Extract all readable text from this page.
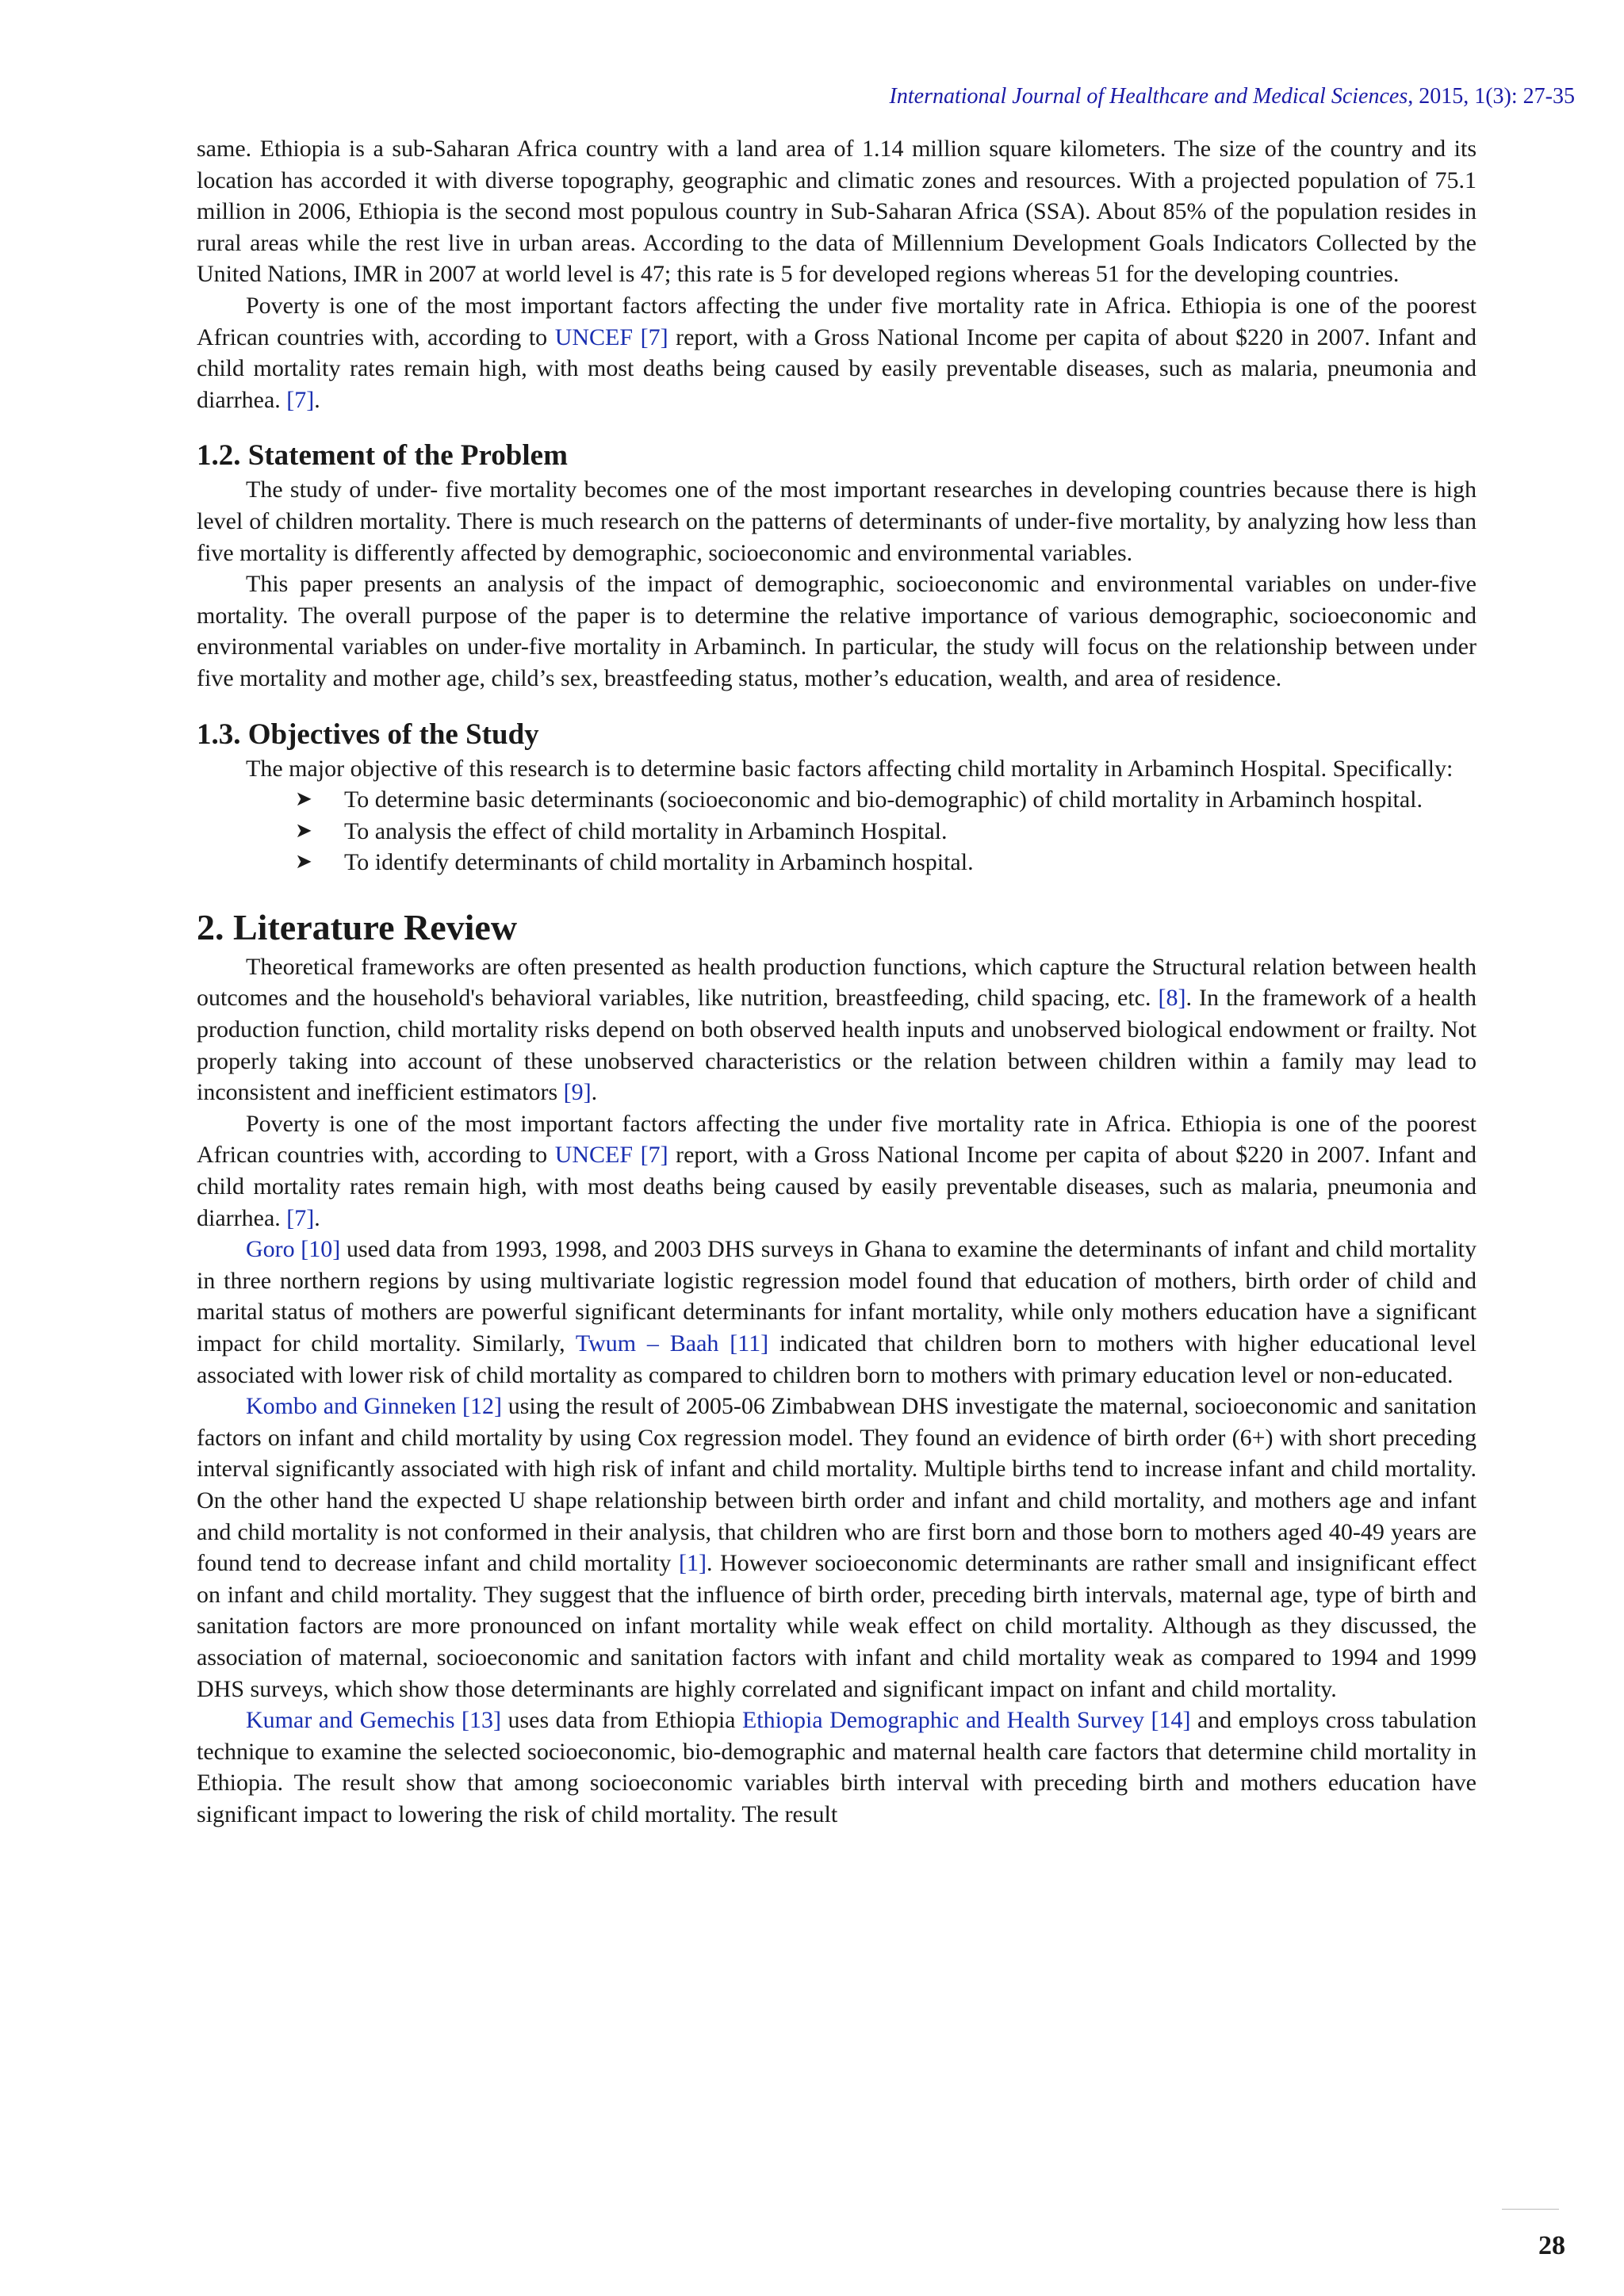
International Journal of Healthcare and Medical Sciences, 2015, 1(3): 27-35

same. Ethiopia is a sub-Saharan Africa country with a land area of 1.14 million square kilometers. The size of the country and its location has accorded it with diverse topography, geographic and climatic zones and resources. With a projected population of 75.1 million in 2006, Ethiopia is the second most populous country in Sub-Saharan Africa (SSA). About 85% of the population resides in rural areas while the rest live in urban areas. According to the data of Millennium Development Goals Indicators Collected by the United Nations, IMR in 2007 at world level is 47; this rate is 5 for developed regions whereas 51 for the developing countries.

Poverty is one of the most important factors affecting the under five mortality rate in Africa. Ethiopia is one of the poorest African countries with, according to UNCEF [7] report, with a Gross National Income per capita of about $220 in 2007. Infant and child mortality rates remain high, with most deaths being caused by easily preventable diseases, such as malaria, pneumonia and diarrhea. [7].

1.2. Statement of the Problem

The study of under- five mortality becomes one of the most important researches in developing countries because there is high level of children mortality. There is much research on the patterns of determinants of under-five mortality, by analyzing how less than five mortality is differently affected by demographic, socioeconomic and environmental variables.

This paper presents an analysis of the impact of demographic, socioeconomic and environmental variables on under-five mortality. The overall purpose of the paper is to determine the relative importance of various demographic, socioeconomic and environmental variables on under-five mortality in Arbaminch. In particular, the study will focus on the relationship between under five mortality and mother age, child’s sex, breastfeeding status, mother’s education, wealth, and area of residence.

1.3. Objectives of the Study

The major objective of this research is to determine basic factors affecting child mortality in Arbaminch Hospital. Specifically:

➤ To determine basic determinants (socioeconomic and bio-demographic) of child mortality in Arbaminch hospital.
➤ To analysis the effect of child mortality in Arbaminch Hospital.
➤ To identify determinants of child mortality in Arbaminch hospital.
2. Literature Review

Theoretical frameworks are often presented as health production functions, which capture the Structural relation between health outcomes and the household's behavioral variables, like nutrition, breastfeeding, child spacing, etc. [8]. In the framework of a health production function, child mortality risks depend on both observed health inputs and unobserved biological endowment or frailty. Not properly taking into account of these unobserved characteristics or the relation between children within a family may lead to inconsistent and inefficient estimators [9].

Poverty is one of the most important factors affecting the under five mortality rate in Africa. Ethiopia is one of the poorest African countries with, according to UNCEF [7] report, with a Gross National Income per capita of about $220 in 2007. Infant and child mortality rates remain high, with most deaths being caused by easily preventable diseases, such as malaria, pneumonia and diarrhea. [7].

Goro [10] used data from 1993, 1998, and 2003 DHS surveys in Ghana to examine the determinants of infant and child mortality in three northern regions by using multivariate logistic regression model found that education of mothers, birth order of child and marital status of mothers are powerful significant determinants for infant mortality, while only mothers education have a significant impact for child mortality. Similarly, Twum – Baah [11] indicated that children born to mothers with higher educational level associated with lower risk of child mortality as compared to children born to mothers with primary education level or non-educated.

Kombo and Ginneken [12] using the result of 2005-06 Zimbabwean DHS investigate the maternal, socioeconomic and sanitation factors on infant and child mortality by using Cox regression model. They found an evidence of birth order (6+) with short preceding interval significantly associated with high risk of infant and child mortality. Multiple births tend to increase infant and child mortality. On the other hand the expected U shape relationship between birth order and infant and child mortality, and mothers age and infant and child mortality is not conformed in their analysis, that children who are first born and those born to mothers aged 40-49 years are found tend to decrease infant and child mortality [1]. However socioeconomic determinants are rather small and insignificant effect on infant and child mortality. They suggest that the influence of birth order, preceding birth intervals, maternal age, type of birth and sanitation factors are more pronounced on infant mortality while weak effect on child mortality. Although as they discussed, the association of maternal, socioeconomic and sanitation factors with infant and child mortality weak as compared to 1994 and 1999 DHS surveys, which show those determinants are highly correlated and significant impact on infant and child mortality.

Kumar and Gemechis [13] uses data from Ethiopia Ethiopia Demographic and Health Survey [14] and employs cross tabulation technique to examine the selected socioeconomic, bio-demographic and maternal health care factors that determine child mortality in Ethiopia. The result show that among socioeconomic variables birth interval with preceding birth and mothers education have significant impact to lowering the risk of child mortality. The result

28
